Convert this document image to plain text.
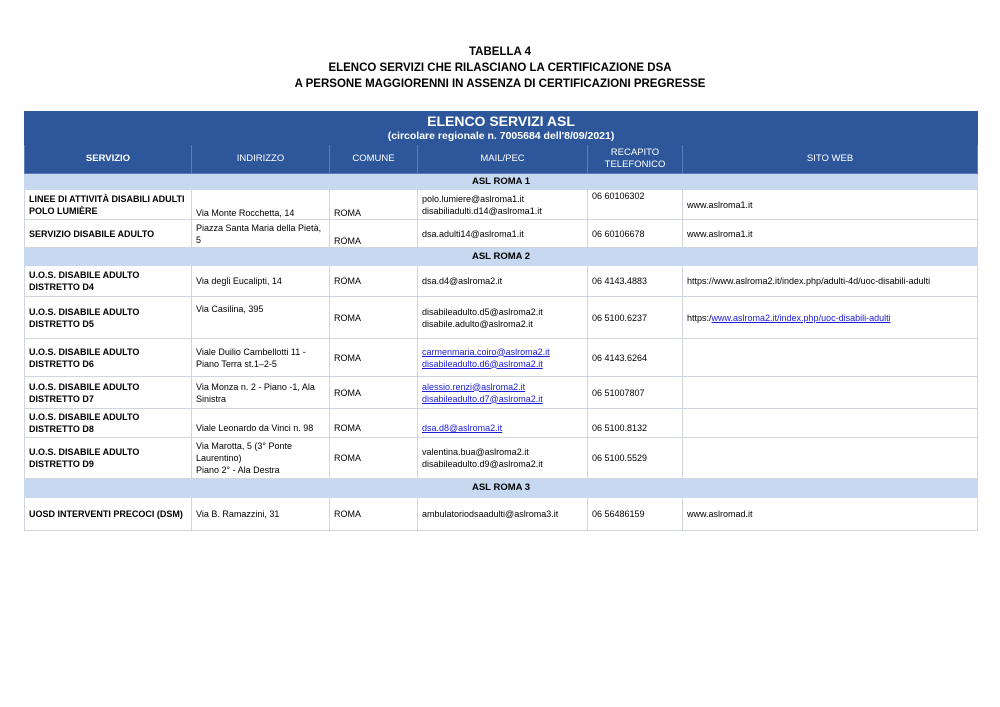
TABELLA 4
ELENCO SERVIZI CHE RILASCIANO LA CERTIFICAZIONE DSA
A PERSONE MAGGIORENNI IN ASSENZA DI CERTIFICAZIONI PREGRESSE
ELENCO SERVIZI ASL
(circolare regionale n. 7005684 dell'8/09/2021)					

SERVIZIO	INDIRIZZO	COMUNE	MAIL/PEC	RECAPITO
TELEFONICO	SITO WEB
ASL ROMA 1					

LINEE DI ATTIVITÀ DISABILI ADULTI
POLO LUMIÈRE	Via Monte Rocchetta, 14	ROMA	polo.lumiere@aslroma1.it
disabiliadulti.d14@aslroma1.it	06 60106302	www.aslroma1.it
SERVIZIO DISABILE ADULTO	Piazza Santa Maria della Pietà,
5	ROMA	dsa.adulti14@aslroma1.it	06 60106678	www.aslroma1.it
ASL ROMA 2					

U.O.S. DISABILE ADULTO
DISTRETTO D4	Via degli Eucalipti, 14	ROMA	dsa.d4@aslroma2.it	06 4143.4883	https://www.aslroma2.it/index.php/adulti-4d/uoc-disabili-adulti

U.O.S. DISABILE ADULTO
DISTRETTO D5	Via Casilina, 395	ROMA	disabileadulto.d5@aslroma2.it
disabile.adulto@aslroma2.it	06 5100.6237	https:/www.aslroma2.it/index.php/uoc-disabili-adulti

U.O.S. DISABILE ADULTO
DISTRETTO D6	Viale Duilio Cambellotti 11 -
Piano Terra st.1–2-5	ROMA	carmenmaria.coiro@aslroma2.it
disabileadulto.d6@aslroma2.it	06 4143.6264	

U.O.S. DISABILE ADULTO
DISTRETTO D7	Via Monza n. 2 - Piano -1, Ala
Sinistra	ROMA	alessio.renzi@aslroma2.it
disabileadulto.d7@aslroma2.it	06 51007807	

U.O.S. DISABILE ADULTO
DISTRETTO D8	Viale Leonardo da Vinci n. 98	ROMA	dsa.d8@aslroma2.it	06 5100.8132	

U.O.S. DISABILE ADULTO
DISTRETTO D9	Via Marotta, 5 (3° Ponte
Laurentino)
Piano 2° - Ala Destra	ROMA	valentina.bua@aslroma2.it
disabileadulto.d9@aslroma2.it	06 5100.5529	
ASL ROMA 3					
UOSD INTERVENTI PRECOCI (DSM)	Via B. Ramazzini, 31	ROMA	ambulatoriodsaadulti@aslroma3.it	06 56486159	www.aslromad.it
